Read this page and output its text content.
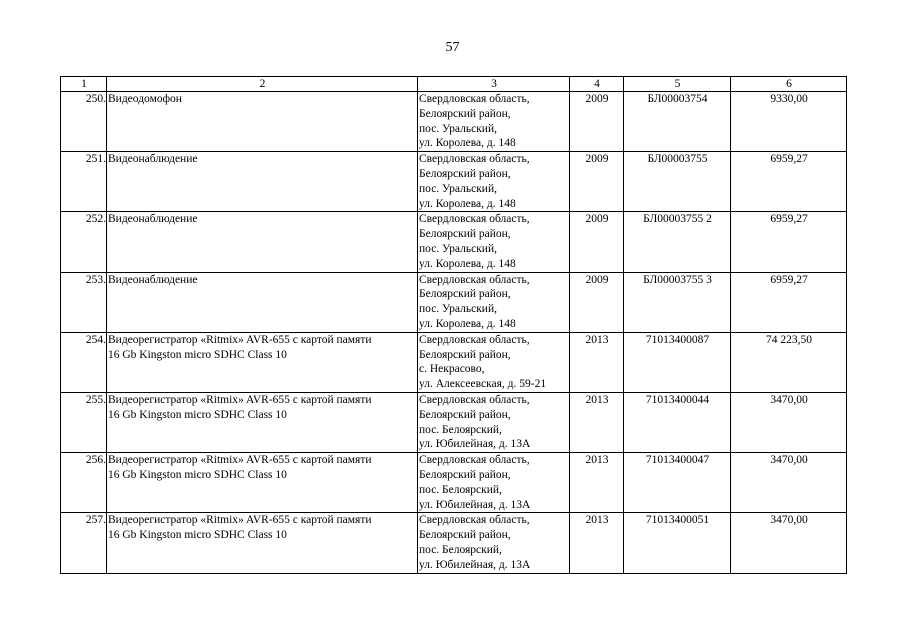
57
1	2	3	4	5	6

250.	Видеодомофон	Свердловская область,
Белоярский район,
пос. Уральский,
ул. Королева, д. 148	2009	БЛ00003754	9330,00

251.	Видеонаблюдение	Свердловская область,
Белоярский район,
пос. Уральский,
ул. Королева, д. 148	2009	БЛ00003755	6959,27

252.	Видеонаблюдение	Свердловская область,
Белоярский район,
пос. Уральский,
ул. Королева, д. 148	2009	БЛ00003755 2	6959,27

253.	Видеонаблюдение	Свердловская область,
Белоярский район,
пос. Уральский,
ул. Королева, д. 148	2009	БЛ00003755 3	6959,27

254.	Видеорегистратор «Ritmix» AVR-655 с картой памяти
16 Gb Kingston micro SDHC Class 10	Свердловская область,
Белоярский район,
с. Некрасово,
ул. Алексеевская, д. 59-21	2013	71013400087	74 223,50

255.	Видеорегистратор «Ritmix» AVR-655 с картой памяти
16 Gb Kingston micro SDHC Class 10	Свердловская область,
Белоярский район,
пос. Белоярский,
ул. Юбилейная, д. 13А	2013	71013400044	3470,00

256.	Видеорегистратор «Ritmix» AVR-655 с картой памяти
16 Gb Kingston micro SDHC Class 10	Свердловская область,
Белоярский район,
пос. Белоярский,
ул. Юбилейная, д. 13А	2013	71013400047	3470,00

257.	Видеорегистратор «Ritmix» AVR-655 с картой памяти
16 Gb Kingston micro SDHC Class 10	Свердловская область,
Белоярский район,
пос. Белоярский,
ул. Юбилейная, д. 13А	2013	71013400051	3470,00
